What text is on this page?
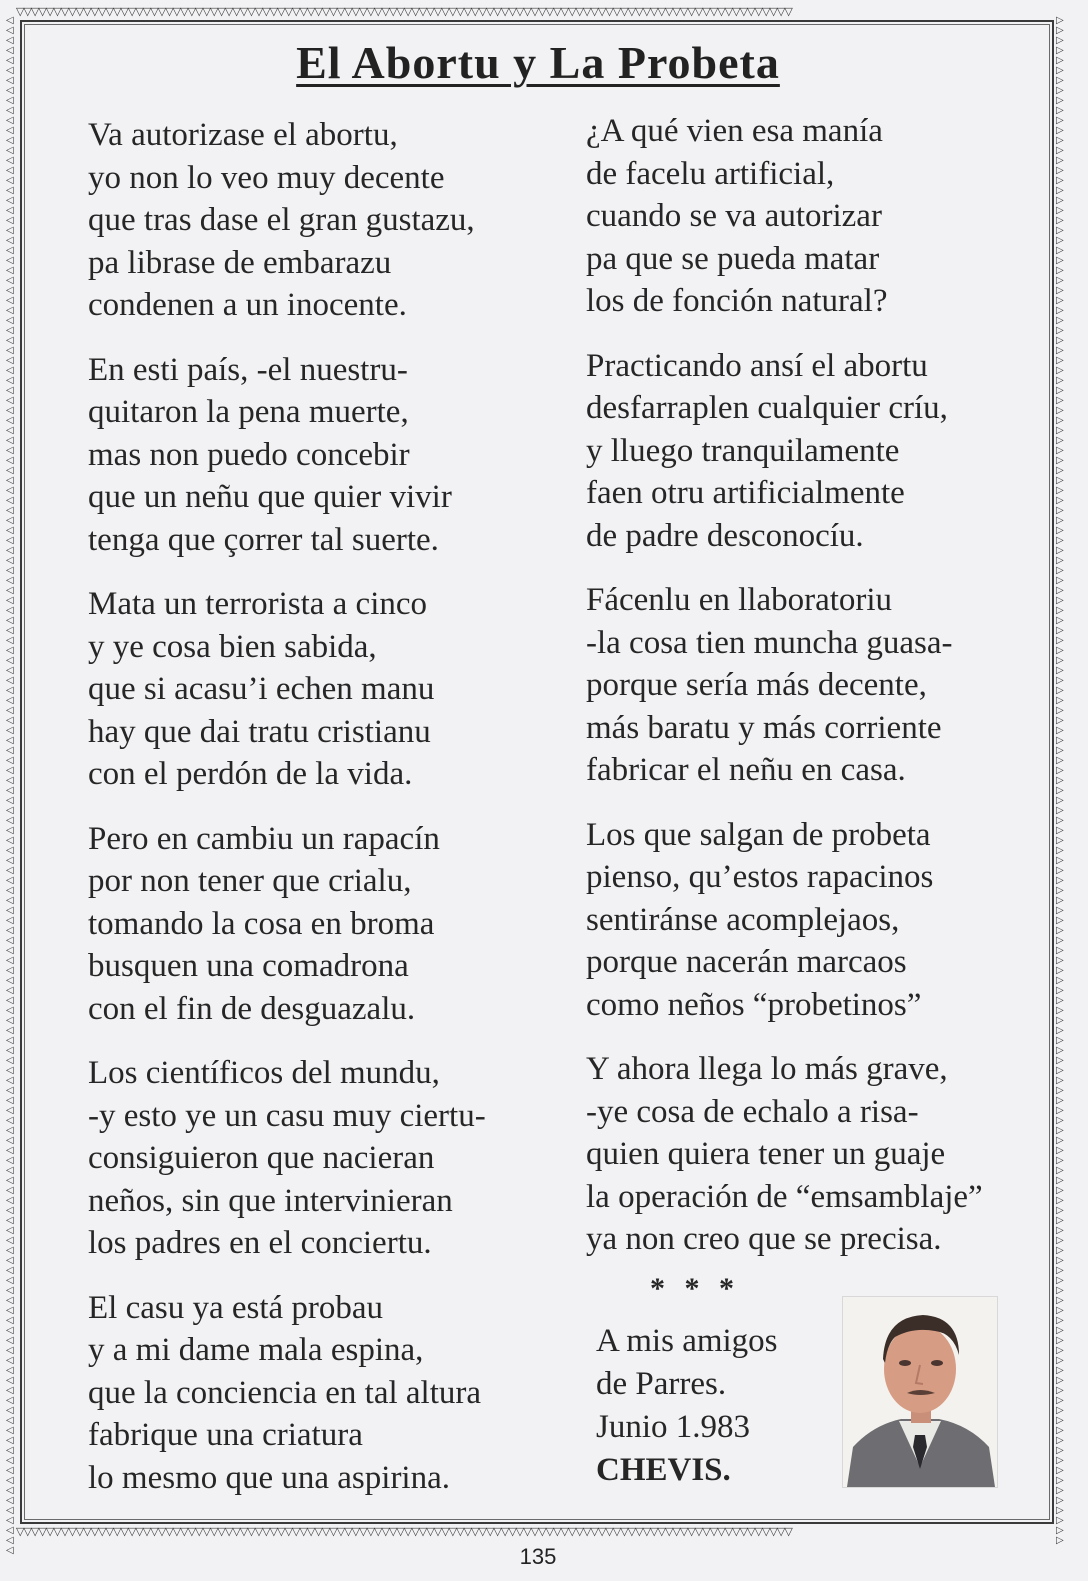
▽▽▽▽▽▽▽▽▽▽▽▽▽▽▽▽▽▽▽▽▽▽▽▽▽▽▽▽▽▽▽▽▽▽▽▽▽▽▽▽▽▽▽▽▽▽▽▽▽▽▽▽▽▽▽▽▽▽▽▽▽▽▽▽▽▽▽▽▽▽▽▽▽▽▽▽▽▽▽▽▽▽▽▽▽▽▽▽▽▽▽▽▽▽▽▽▽▽▽▽▽▽▽▽
▽▽▽▽▽▽▽▽▽▽▽▽▽▽▽▽▽▽▽▽▽▽▽▽▽▽▽▽▽▽▽▽▽▽▽▽▽▽▽▽▽▽▽▽▽▽▽▽▽▽▽▽▽▽▽▽▽▽▽▽▽▽▽▽▽▽▽▽▽▽▽▽▽▽▽▽▽▽▽▽▽▽▽▽▽▽▽▽▽▽▽▽▽▽▽▽▽▽▽▽▽▽▽▽
◁◁◁◁◁◁◁◁◁◁◁◁◁◁◁◁◁◁◁◁◁◁◁◁◁◁◁◁◁◁◁◁◁◁◁◁◁◁◁◁◁◁◁◁◁◁◁◁◁◁◁◁◁◁◁◁◁◁◁◁◁◁◁◁◁◁◁◁◁◁◁◁◁◁◁◁◁◁◁◁◁◁◁◁◁◁◁◁◁◁◁◁◁◁◁◁◁◁◁◁◁◁◁◁◁◁◁◁◁◁◁◁◁◁◁◁◁◁◁◁◁◁◁◁◁◁◁◁◁◁◁◁◁◁◁◁◁◁◁◁◁◁◁◁◁◁◁◁◁◁◁◁◁◁
▷▷▷▷▷▷▷▷▷▷▷▷▷▷▷▷▷▷▷▷▷▷▷▷▷▷▷▷▷▷▷▷▷▷▷▷▷▷▷▷▷▷▷▷▷▷▷▷▷▷▷▷▷▷▷▷▷▷▷▷▷▷▷▷▷▷▷▷▷▷▷▷▷▷▷▷▷▷▷▷▷▷▷▷▷▷▷▷▷▷▷▷▷▷▷▷▷▷▷▷▷▷▷▷▷▷▷▷▷▷▷▷▷▷▷▷▷▷▷▷▷▷▷▷▷▷▷▷▷▷▷▷▷▷▷▷▷▷▷▷▷▷▷▷▷▷▷▷▷▷▷▷▷
El Abortu y La Probeta
Va autorizase el abortu,
yo non lo veo muy decente
que tras dase el gran gustazu,
pa librase de embarazu
condenen a un inocente.
En esti país, -el nuestru-
quitaron la pena muerte,
mas non puedo concebir
que un neñu que quier vivir
tenga que çorrer tal suerte.
Mata un terrorista a cinco
y ye cosa bien sabida,
que si acasu’i echen manu
hay que dai tratu cristianu
con el perdón de la vida.
Pero en cambiu un rapacín
por non tener que crialu,
tomando la cosa en broma
busquen una comadrona
con el fin de desguazalu.
Los científicos del mundu,
-y esto ye un casu muy ciertu-
consiguieron que nacieran
neños, sin que intervinieran
los padres en el conciertu.
El casu ya está probau
y a mi dame mala espina,
que la conciencia en tal altura
fabrique una criatura
lo mesmo que una aspirina.
¿A qué vien esa manía
de facelu artificial,
cuando se va autorizar
pa que se pueda matar
los de fonción natural?
Practicando ansí el abortu
desfarraplen cualquier críu,
y lluego tranquilamente
faen otru artificialmente
de padre desconocíu.
Fácenlu en llaboratoriu
-la cosa tien muncha guasa-
porque sería más decente,
más baratu y más corriente
fabricar el neñu en casa.
Los que salgan de probeta
pienso, qu’estos rapacinos
sentiránse acomplejaos,
porque nacerán marcaos
como neños “probetinos”
Y ahora llega lo más grave,
-ye cosa de echalo a risa-
quien quiera tener un guaje
la operación de “emsamblaje”
ya non creo que se precisa.
* * *
A mis amigos
de Parres.
Junio 1.983
CHEVIS.
135
